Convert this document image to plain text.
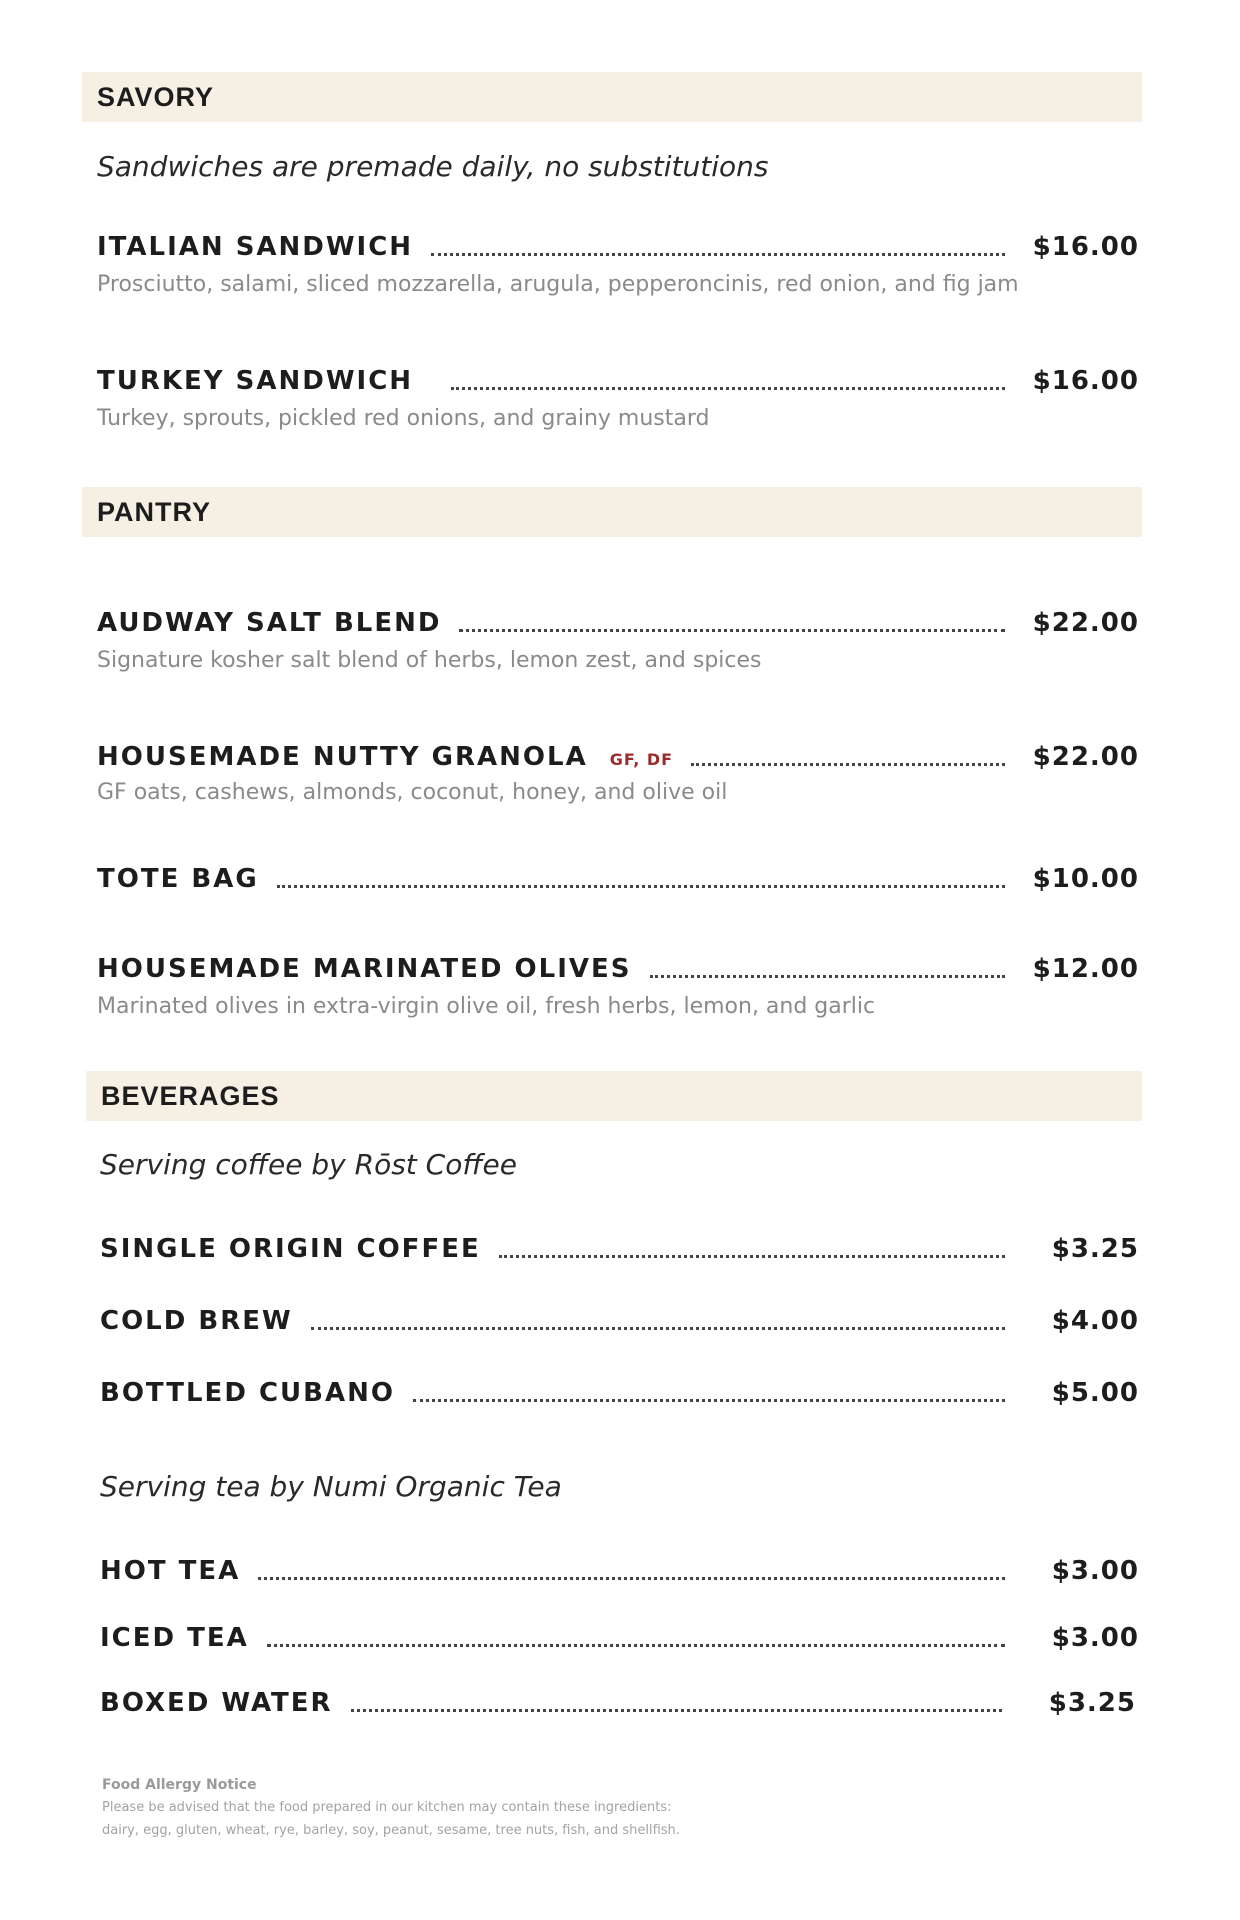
SAVORY
Sandwiches are premade daily, no substitutions
ITALIAN SANDWICH	$16.00
Prosciutto, salami, sliced mozzarella, arugula, pepperoncinis, red onion, and fig jam
TURKEY SANDWICH	$16.00
Turkey, sprouts, pickled red onions, and grainy mustard
PANTRY
AUDWAY SALT BLEND	$22.00
Signature kosher salt blend of herbs, lemon zest, and spices
HOUSEMADE NUTTY GRANOLA GF, DF	$22.00
GF oats, cashews, almonds, coconut, honey, and olive oil
TOTE BAG	$10.00
HOUSEMADE MARINATED OLIVES	$12.00
Marinated olives in extra-virgin olive oil, fresh herbs, lemon, and garlic
BEVERAGES
Serving coffee by Rōst Coffee
SINGLE ORIGIN COFFEE	$3.25
COLD BREW	$4.00
BOTTLED CUBANO	$5.00
Serving tea by Numi Organic Tea
HOT TEA	$3.00
ICED TEA	$3.00
BOXED WATER	$3.25
Food Allergy Notice
Please be advised that the food prepared in our kitchen may contain these ingredients:
dairy, egg, gluten, wheat, rye, barley, soy, peanut, sesame, tree nuts, fish, and shellfish.
